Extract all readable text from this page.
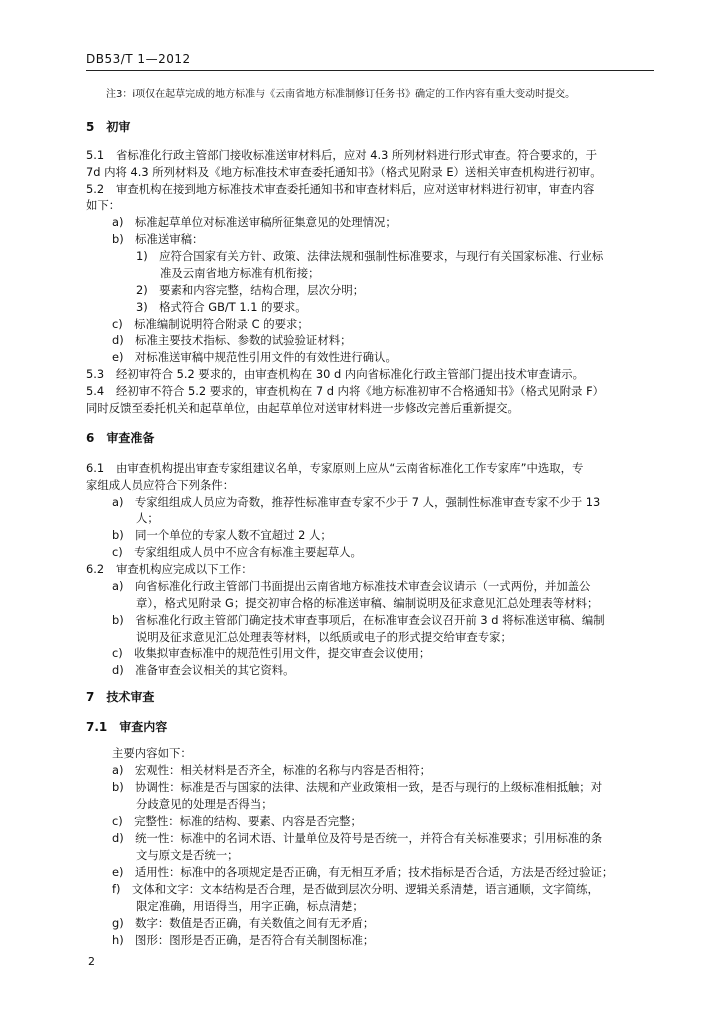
DB53/T 1—2012
注3：i项仅在起草完成的地方标准与《云南省地方标准制修订任务书》确定的工作内容有重大变动时提交。
5　初审
5.1 省标准化行政主管部门接收标准送审材料后，应对 4.3 所列材料进行形式审查。符合要求的，于
7d 内将 4.3 所列材料及《地方标准技术审查委托通知书》（格式见附录 E）送相关审查机构进行初审。
5.2 审查机构在接到地方标准技术审查委托通知书和审查材料后，应对送审材料进行初审，审查内容
如下：
a) 标准起草单位对标准送审稿所征集意见的处理情况；
b) 标准送审稿：
1) 应符合国家有关方针、政策、法律法规和强制性标准要求，与现行有关国家标准、行业标
准及云南省地方标准有机衔接；
2) 要素和内容完整，结构合理，层次分明；
3) 格式符合 GB/T 1.1 的要求。
c) 标准编制说明符合附录 C 的要求；
d) 标准主要技术指标、参数的试验验证材料；
e) 对标准送审稿中规范性引用文件的有效性进行确认。
5.3 经初审符合 5.2 要求的，由审查机构在 30 d 内向省标准化行政主管部门提出技术审查请示。
5.4 经初审不符合 5.2 要求的，审查机构在 7 d 内将《地方标准初审不合格通知书》（格式见附录 F）
同时反馈至委托机关和起草单位，由起草单位对送审材料进一步修改完善后重新提交。
6　审查准备
6.1 由审查机构提出审查专家组建议名单，专家原则上应从“云南省标准化工作专家库”中选取，专
家组成人员应符合下列条件：
a) 专家组组成人员应为奇数，推荐性标准审查专家不少于 7 人，强制性标准审查专家不少于 13
人；
b) 同一个单位的专家人数不宜超过 2 人；
c) 专家组组成人员中不应含有标准主要起草人。
6.2 审查机构应完成以下工作：
a) 向省标准化行政主管部门书面提出云南省地方标准技术审查会议请示（一式两份，并加盖公
章），格式见附录 G；提交初审合格的标准送审稿、编制说明及征求意见汇总处理表等材料；
b) 省标准化行政主管部门确定技术审查事项后，在标准审查会议召开前 3 d 将标准送审稿、编制
说明及征求意见汇总处理表等材料，以纸质或电子的形式提交给审查专家；
c) 收集拟审查标准中的规范性引用文件，提交审查会议使用；
d) 准备审查会议相关的其它资料。
7　技术审查
7.1　审查内容
主要内容如下：
a) 宏观性：相关材料是否齐全，标准的名称与内容是否相符；
b) 协调性：标准是否与国家的法律、法规和产业政策相一致，是否与现行的上级标准相抵触；对
分歧意见的处理是否得当；
c) 完整性：标准的结构、要素、内容是否完整；
d) 统一性：标准中的名词术语、计量单位及符号是否统一，并符合有关标准要求；引用标准的条
文与原文是否统一；
e) 适用性：标准中的各项规定是否正确，有无相互矛盾；技术指标是否合适，方法是否经过验证；
f) 文体和文字：文本结构是否合理，是否做到层次分明、逻辑关系清楚，语言通顺，文字简练，
限定准确，用语得当，用字正确，标点清楚；
g) 数字：数值是否正确，有关数值之间有无矛盾；
h) 图形：图形是否正确，是否符合有关制图标准；
2
